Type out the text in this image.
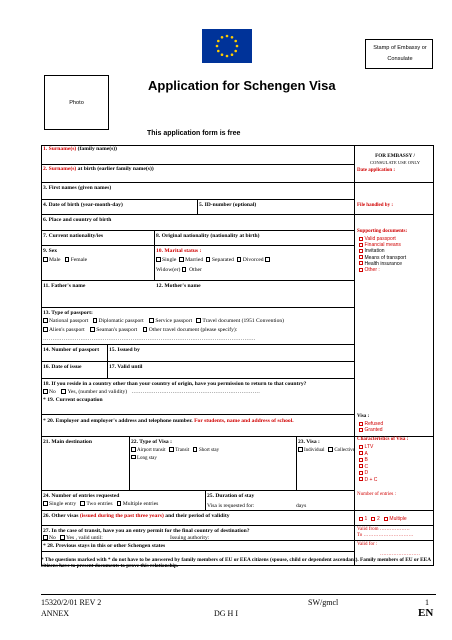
Stamp of Embassy or
Consulate
Photo
Application for Schengen Visa
This application form is free
1. Surname(s) (family name(s))
2. Surname(s) at birth (earlier family name(s))
FOR EMBASSY /
CONSULATE USE ONLY
Date application :
3. First names (given names)
4. Date of birth (year-month-day)	5. ID-number (optional)	File handled by :
6. Place and country of birth
Supporting documents:
Valid passport
Financial means
Invitation
Means of transport
Health insurance
Other :
7. Current nationality/ies	8. Original nationality (nationality at birth)
9. Sex
Male Female
10. Marital status :
Single Married Separated Divorced
Widow(er) Other
11. Father's name	12. Mother's name
13. Type of passport:
National passport Diplomatic passport Service passport Travel document (1951 Convention)
Alien's passport Seaman's passport Other travel document (please specify):
……………………………………………………………………………………………………
14. Number of passport 15. Issued by
16. Date of issue	17. Valid until
18. If you reside in a country other than your country of origin, have you permission to return to that country?
No Yes, (number and validity) ……………………………………………………………
* 19. Current occupation
* 20. Employer and employer's address and telephone number. For students, name and address of school.
Visa :
Refused
Granted
Characteristics of Visa :
LTV
A
B
C
D
D + C
Number of entries :
1 2 Multiple
Valid from ………………
To …………………………
Valid for :
……………………
21. Main destination	22. Type of Visa :
Airport transit Transit Short stay
Long stay
23. Visa :
Individual Collective
24. Number of entries requested
Single entry Two entries Multiple entries
25. Duration of stay
Visa is requested for:	days
26. Other visas (issued during the past three years) and their period of validity
27. In the case of transit, have you an entry permit for the final country of destination?
No Yes , valid until:	Issuing authority:
* 28. Previous stays in this or other Schengen states
* The questions marked with * do not have to be answered by family members of EU or EEA citizens (spouse, child or dependent ascendant). Family members of EU or EEA citizens have to present documents to prove this relationship.
15320/2/01 REV 2
ANNEX	DG H I
SW/gmcl	1
EN
